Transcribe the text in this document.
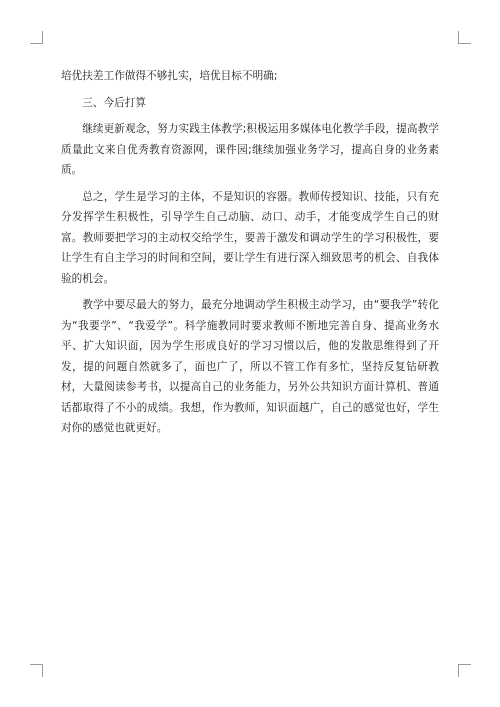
培优扶差工作做得不够扎实，培优目标不明确;

三、今后打算

继续更新观念，努力实践主体教学;积极运用多媒体电化教学手段，提高教学质量此文来自优秀教育资源网，课件园;继续加强业务学习，提高自身的业务素质。

总之，学生是学习的主体，不是知识的容器。教师传授知识、技能，只有充分发挥学生积极性，引导学生自己动脑、动口、动手，才能变成学生自己的财富。教师要把学习的主动权交给学生，要善于激发和调动学生的学习积极性，要让学生有自主学习的时间和空间，要让学生有进行深入细致思考的机会、自我体验的机会。

教学中要尽最大的努力，最充分地调动学生积极主动学习，由“要我学”转化为“我要学”、“我爱学”。科学施教同时要求教师不断地完善自身、提高业务水平、扩大知识面，因为学生形成良好的学习习惯以后，他的发散思维得到了开发，提的问题自然就多了，面也广了，所以不管工作有多忙，坚持反复钻研教材，大量阅读参考书，以提高自己的业务能力，另外公共知识方面计算机、普通话都取得了不小的成绩。我想，作为教师，知识面越广，自己的感觉也好，学生对你的感觉也就更好。
